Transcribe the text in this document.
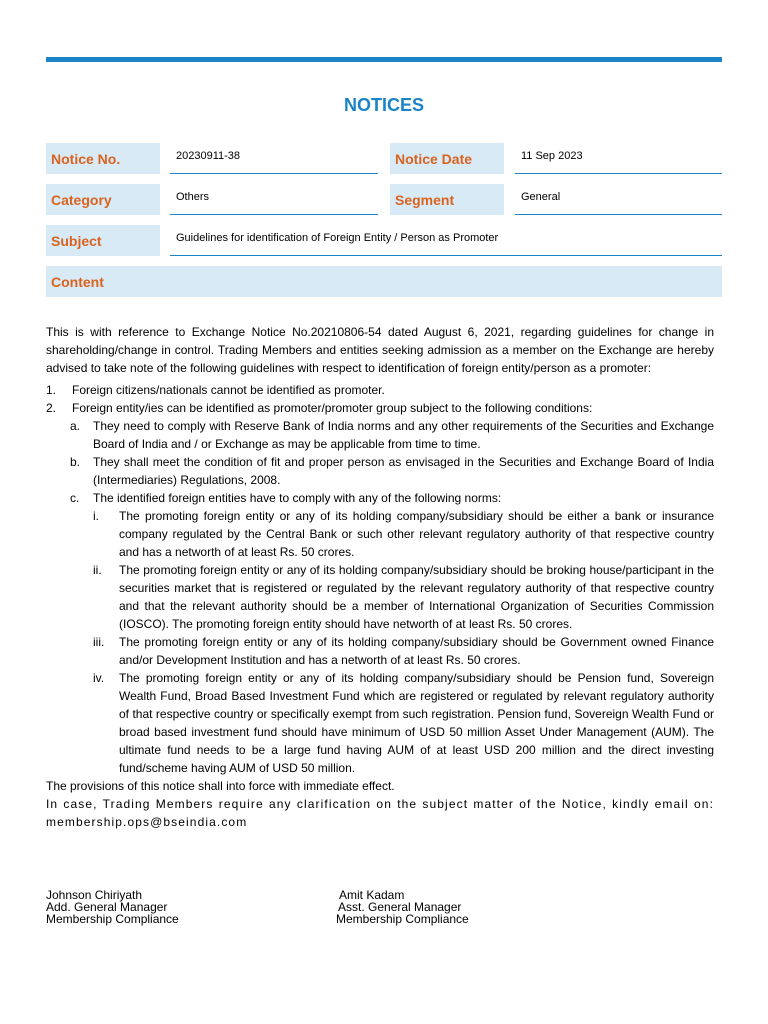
NOTICES
Notice No.	20230911-38	Notice Date	11 Sep 2023
Category	Others	Segment	General
Subject	Guidelines for identification of Foreign Entity / Person as Promoter
Content

This is with reference to Exchange Notice No.20210806-54 dated August 6, 2021, regarding guidelines for change in shareholding/change in control. Trading Members and entities seeking admission as a member on the Exchange are hereby advised to take note of the following guidelines with respect to identification of foreign entity/person as a promoter:

1.	Foreign citizens/nationals cannot be identified as promoter.
2.	Foreign entity/ies can be identified as promoter/promoter group subject to the following conditions:
a.	They need to comply with Reserve Bank of India norms and any other requirements of the Securities and Exchange Board of India and / or Exchange as may be applicable from time to time.
b.	They shall meet the condition of fit and proper person as envisaged in the Securities and Exchange Board of India (Intermediaries) Regulations, 2008.
c.	The identified foreign entities have to comply with any of the following norms:
i.	The promoting foreign entity or any of its holding company/subsidiary should be either a bank or insurance company regulated by the Central Bank or such other relevant regulatory authority of that respective country and has a networth of at least Rs. 50 crores.
ii.	The promoting foreign entity or any of its holding company/subsidiary should be broking house/participant in the securities market that is registered or regulated by the relevant regulatory authority of that respective country and that the relevant authority should be a member of International Organization of Securities Commission (IOSCO). The promoting foreign entity should have networth of at least Rs. 50 crores.
iii.	The promoting foreign entity or any of its holding company/subsidiary should be Government owned Finance and/or Development Institution and has a networth of at least Rs. 50 crores.
iv.	The promoting foreign entity or any of its holding company/subsidiary should be Pension fund, Sovereign Wealth Fund, Broad Based Investment Fund which are registered or regulated by relevant regulatory authority of that respective country or specifically exempt from such registration. Pension fund, Sovereign Wealth Fund or broad based investment fund should have minimum of USD 50 million Asset Under Management (AUM). The ultimate fund needs to be a large fund having AUM of at least USD 200 million and the direct investing fund/scheme having AUM of USD 50 million.

The provisions of this notice shall into force with immediate effect.

In case, Trading Members require any clarification on the subject matter of the Notice, kindly email on: membership.ops@bseindia.com

Johnson Chiriyath
Add. General Manager
Membership Compliance
Amit Kadam
Asst. General Manager
Membership Compliance
